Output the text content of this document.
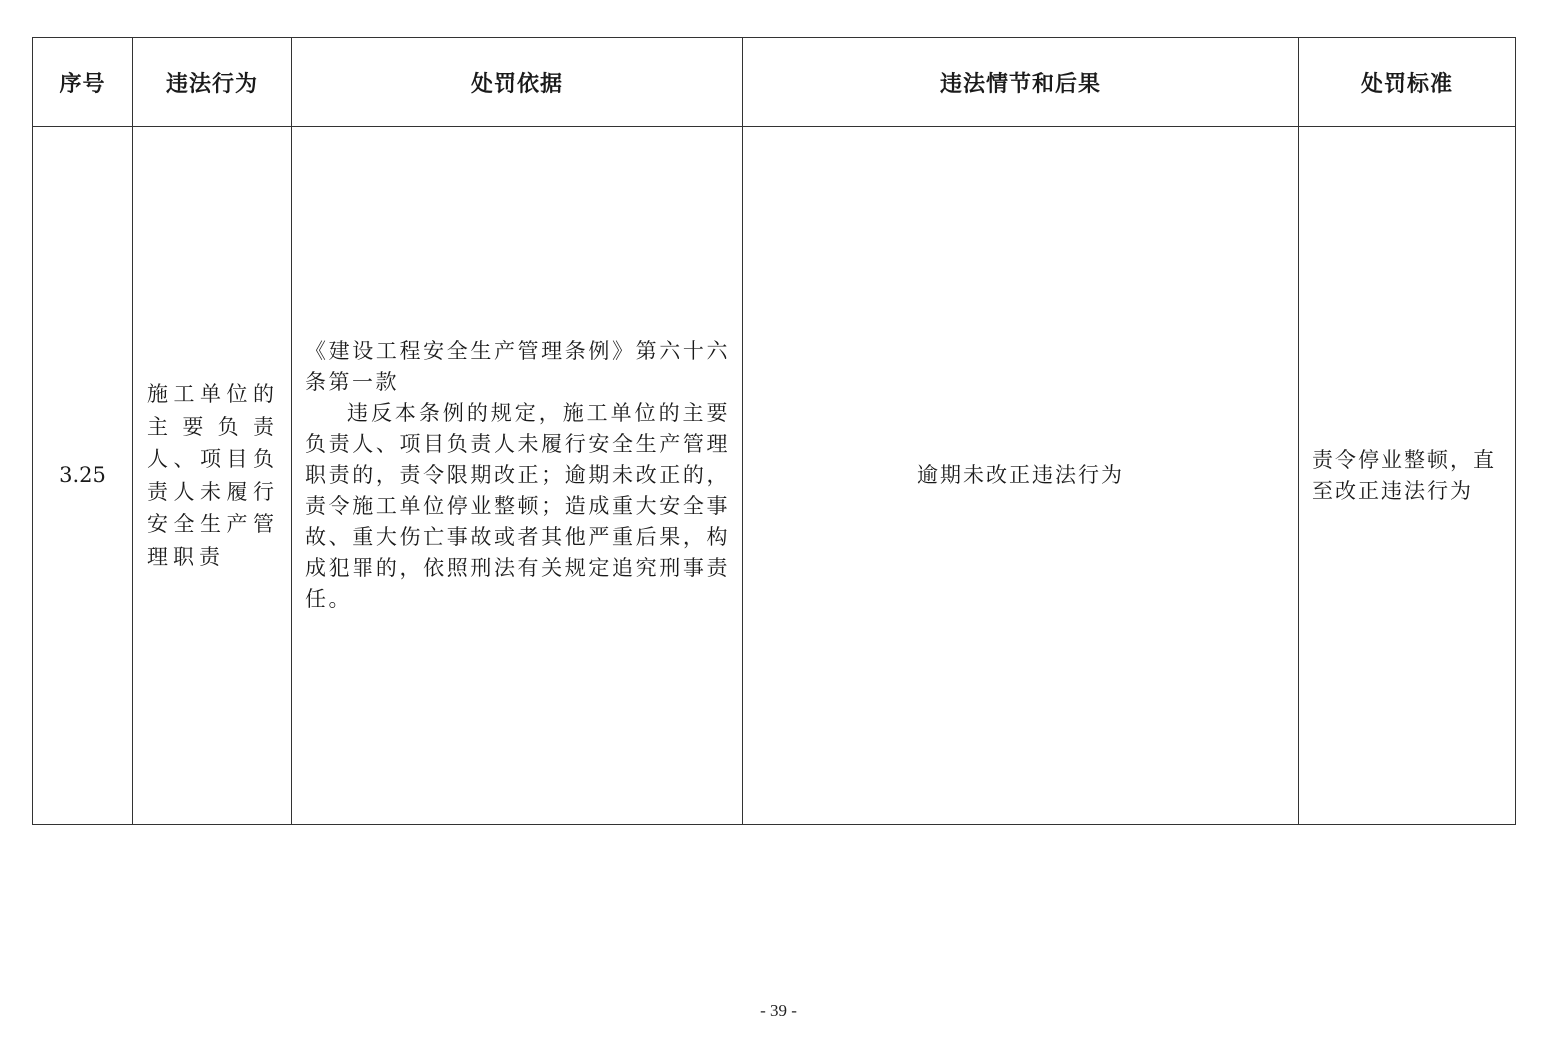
序号	违法行为	处罚依据	违法情节和后果	处罚标准
3.25	施工单位的主要负责人、项目负责人未履行安全生产管理职责	《建设工程安全生产管理条例》第六十六条第一款
违反本条例的规定，施工单位的主要负责人、项目负责人未履行安全生产管理职责的，责令限期改正；逾期未改正的，责令施工单位停业整顿；造成重大安全事故、重大伤亡事故或者其他严重后果，构成犯罪的，依照刑法有关规定追究刑事责任。	逾期未改正违法行为	责令停业整顿，直至改正违法行为
- 39 -
